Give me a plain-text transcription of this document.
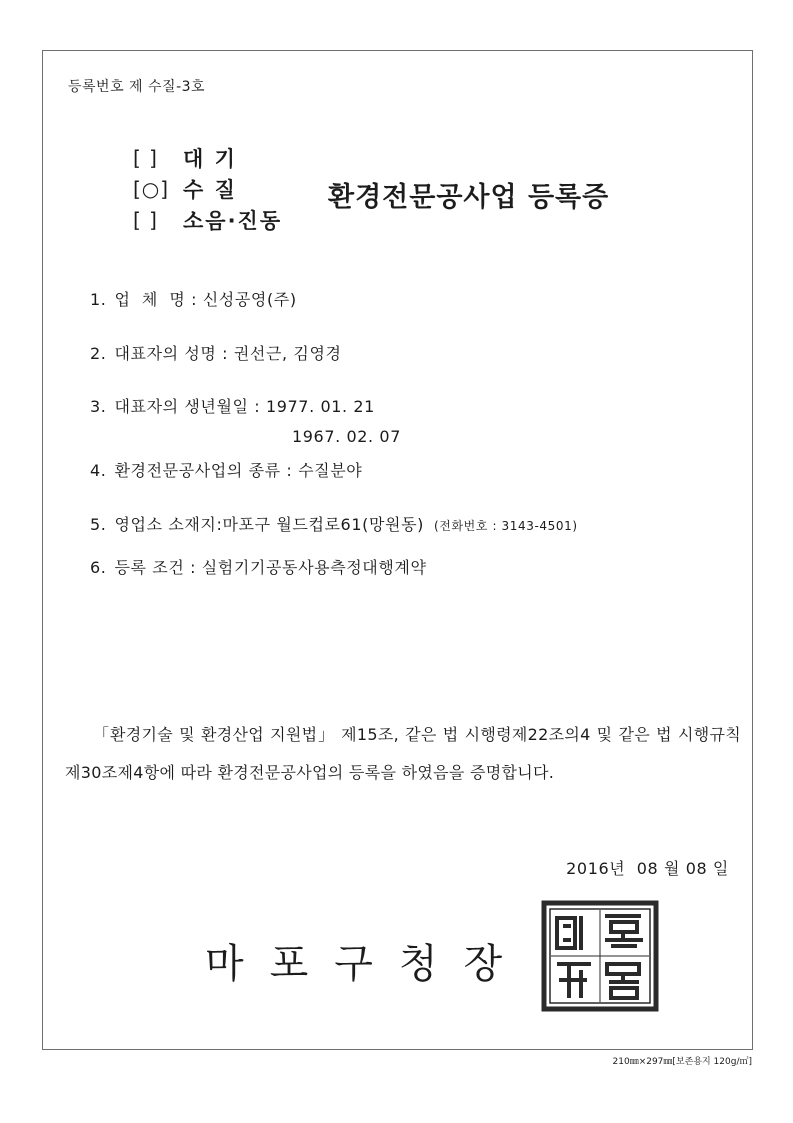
등록번호 제 수질-3호
[ ]	대 기
[○] 수 질
[ ]	소음·진동
환경전문공사업 등록증
1. 업  체  명 : 신성공영(주)
2. 대표자의 성명 : 권선근, 김영경
3. 대표자의 생년월일 : 1977. 01. 21
1967. 02. 07
4. 환경전문공사업의 종류 : 수질분야
5. 영업소 소재지:마포구 월드컵로61(망원동) (전화번호 : 3143-4501)
6. 등록 조건 : 실험기기공동사용측정대행계약
「환경기술 및 환경산업 지원법」 제15조, 같은 법 시행령제22조의4 및 같은 법 시행규칙 제30조제4항에 따라 환경전문공사업의 등록을 하였음을 증명합니다.
2016년  08 월 08 일
마포구청장
210㎜×297㎜[보존용지 120g/㎡]
